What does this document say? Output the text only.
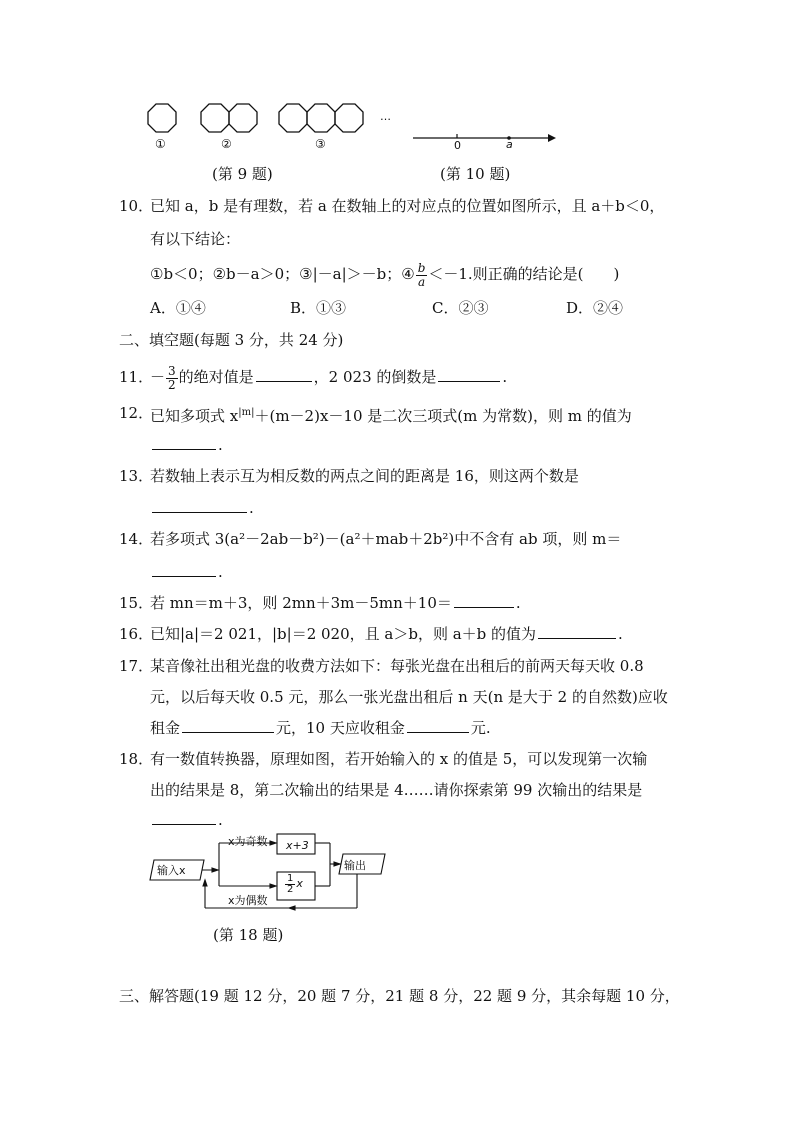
①	②	③
…
0	a
(第 9 题)	(第 10 题)
10．
已知 a，b 是有理数，若 a 在数轴上的对应点的位置如图所示，且 a＋b＜0，
有以下结论：
①b＜0；②b－a＞0；③|－a|＞－b；④ $\frac{b}{a} <-1$.则正确的结论是(　　)
A．①④	B．①③	C．②③	D．②④
二、填空题(每题 3 分，共 24 分)
11．
－ $\frac{3}{2}$ 的绝对值是	，2 023 的倒数是	.
12．
已知多项式 $x^{|m|}+(m-2)x-10$ 是二次三项式(m 为常数)，则 m 的值为
.
13．
若数轴上表示互为相反数的两点之间的距离是 16，则这两个数是
.
14．
若多项式 3(a²－2ab－b²)－(a²＋mab＋2b²)中不含有 ab 项，则 m＝
.
15．
若 mn＝m＋3，则 2mn＋3m－5mn＋10＝	.
16．
已知|a|＝2 021，|b|＝2 020，且 a＞b，则 a＋b 的值为	.
17．
某音像社出租光盘的收费方法如下：每张光盘在出租后的前两天每天收 0.8
元，以后每天收 0.5 元，那么一张光盘出租后 n 天(n 是大于 2 的自然数)应收
租金	元，10 天应收租金	元.
18．
有一数值转换器，原理如图，若开始输入的 x 的值是 5，可以发现第一次输
出的结果是 8，第二次输出的结果是 4……请你探索第 99 次输出的结果是
.
输入x
x为奇数 x+3
$\frac{1}{2}$ x
x为偶数
输出
(第 18 题)
三、解答题(19 题 12 分，20 题 7 分，21 题 8 分，22 题 9 分，其余每题 10 分，
